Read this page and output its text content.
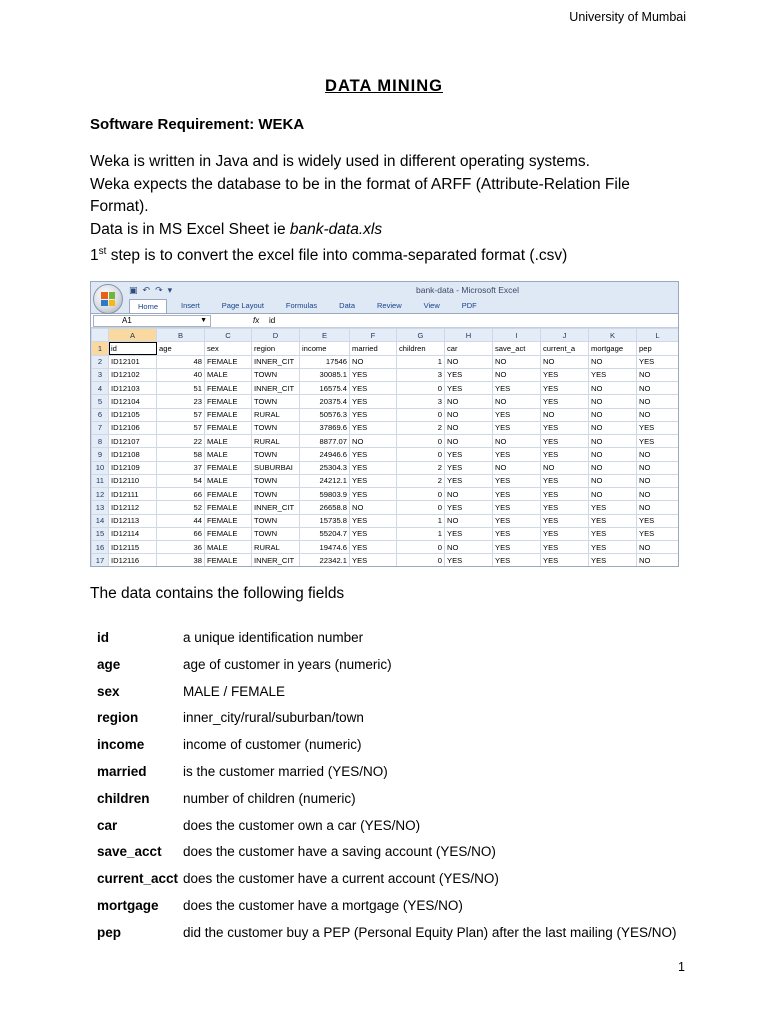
University of Mumbai
DATA MINING
Software Requirement: WEKA

Weka is written in Java and is widely used in different operating systems.

Weka expects the database to be in the format of ARFF (Attribute-Relation File Format).

Data is in MS Excel Sheet ie bank-data.xls

1st step is to convert the excel file into comma-separated format (.csv)

▣ ↶ ↷ ▾	bank-data - Microsoft Excel
Home	Insert	Page Layout	Formulas	Data	Review	View	PDF
A1	▼	fx	id
	A	B	C	D	E	F	G	H	I	J	K	L
1	id	age	sex	region	income	married	children	car	save_act	current_a	mortgage	pep
2	ID12101	48	FEMALE	INNER_CIT	17546	NO	1	NO	NO	NO	NO	YES
3	ID12102	40	MALE	TOWN	30085.1	YES	3	YES	NO	YES	YES	NO
4	ID12103	51	FEMALE	INNER_CIT	16575.4	YES	0	YES	YES	YES	NO	NO
5	ID12104	23	FEMALE	TOWN	20375.4	YES	3	NO	NO	YES	NO	NO
6	ID12105	57	FEMALE	RURAL	50576.3	YES	0	NO	YES	NO	NO	NO
7	ID12106	57	FEMALE	TOWN	37869.6	YES	2	NO	YES	YES	NO	YES
8	ID12107	22	MALE	RURAL	8877.07	NO	0	NO	NO	YES	NO	YES
9	ID12108	58	MALE	TOWN	24946.6	YES	0	YES	YES	YES	NO	NO
10	ID12109	37	FEMALE	SUBURBAI	25304.3	YES	2	YES	NO	NO	NO	NO
11	ID12110	54	MALE	TOWN	24212.1	YES	2	YES	YES	YES	NO	NO
12	ID12111	66	FEMALE	TOWN	59803.9	YES	0	NO	YES	YES	NO	NO
13	ID12112	52	FEMALE	INNER_CIT	26658.8	NO	0	YES	YES	YES	YES	NO
14	ID12113	44	FEMALE	TOWN	15735.8	YES	1	NO	YES	YES	YES	YES
15	ID12114	66	FEMALE	TOWN	55204.7	YES	1	YES	YES	YES	YES	YES
16	ID12115	36	MALE	RURAL	19474.6	YES	0	NO	YES	YES	YES	NO
17	ID12116	38	FEMALE	INNER_CIT	22342.1	YES	0	YES	YES	YES	YES	NO
The data contains the following fields
id	a unique identification number
age	age of customer in years (numeric)
sex	MALE / FEMALE
region	inner_city/rural/suburban/town
income	income of customer (numeric)
married	is the customer married (YES/NO)
children	number of children (numeric)
car	does the customer own a car (YES/NO)
save_acct	does the customer have a saving account (YES/NO)
current_acct does the customer have a current account (YES/NO)
mortgage	does the customer have a mortgage (YES/NO)
pep	did the customer buy a PEP (Personal Equity Plan) after the last mailing (YES/NO)
1
